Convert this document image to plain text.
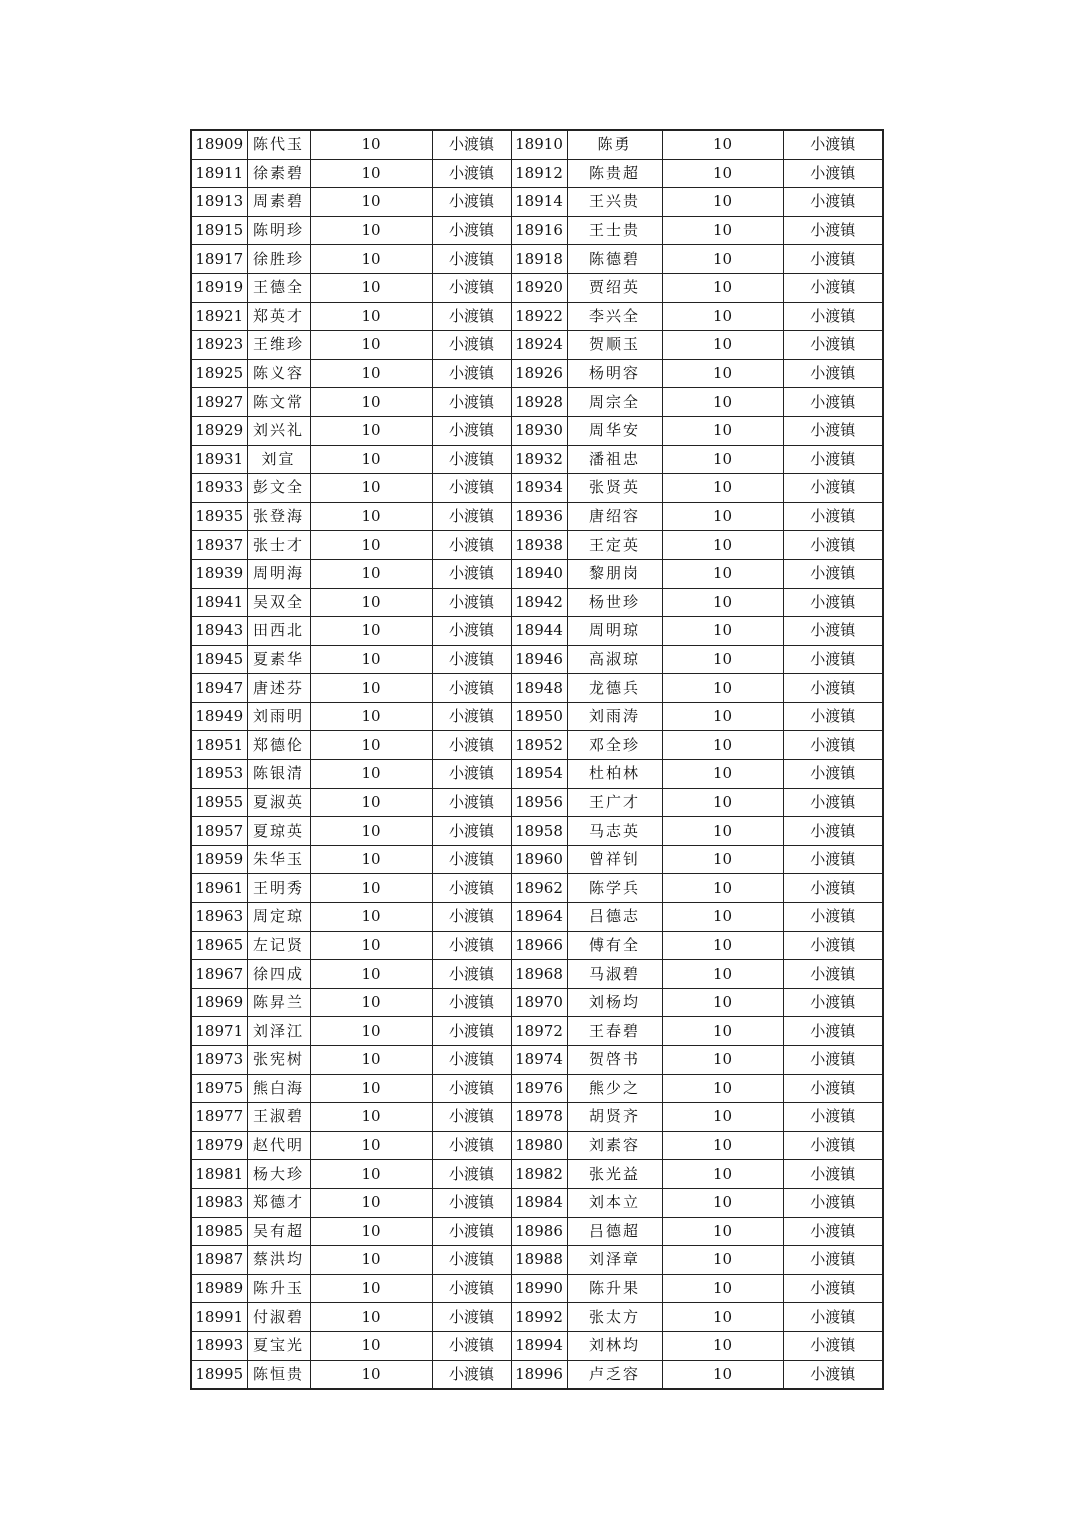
18909	陈代玉	10	小渡镇	18910	陈勇	10	小渡镇
18911	徐素碧	10	小渡镇	18912	陈贵超	10	小渡镇
18913	周素碧	10	小渡镇	18914	王兴贵	10	小渡镇
18915	陈明珍	10	小渡镇	18916	王士贵	10	小渡镇
18917	徐胜珍	10	小渡镇	18918	陈德碧	10	小渡镇
18919	王德全	10	小渡镇	18920	贾绍英	10	小渡镇
18921	郑英才	10	小渡镇	18922	李兴全	10	小渡镇
18923	王维珍	10	小渡镇	18924	贺顺玉	10	小渡镇
18925	陈义容	10	小渡镇	18926	杨明容	10	小渡镇
18927	陈文常	10	小渡镇	18928	周宗全	10	小渡镇
18929	刘兴礼	10	小渡镇	18930	周华安	10	小渡镇
18931	刘宣	10	小渡镇	18932	潘祖忠	10	小渡镇
18933	彭文全	10	小渡镇	18934	张贤英	10	小渡镇
18935	张登海	10	小渡镇	18936	唐绍容	10	小渡镇
18937	张士才	10	小渡镇	18938	王定英	10	小渡镇
18939	周明海	10	小渡镇	18940	黎朋岗	10	小渡镇
18941	吴双全	10	小渡镇	18942	杨世珍	10	小渡镇
18943	田西北	10	小渡镇	18944	周明琼	10	小渡镇
18945	夏素华	10	小渡镇	18946	高淑琼	10	小渡镇
18947	唐述芬	10	小渡镇	18948	龙德兵	10	小渡镇
18949	刘雨明	10	小渡镇	18950	刘雨涛	10	小渡镇
18951	郑德伦	10	小渡镇	18952	邓全珍	10	小渡镇
18953	陈银清	10	小渡镇	18954	杜柏林	10	小渡镇
18955	夏淑英	10	小渡镇	18956	王广才	10	小渡镇
18957	夏琼英	10	小渡镇	18958	马志英	10	小渡镇
18959	朱华玉	10	小渡镇	18960	曾祥钊	10	小渡镇
18961	王明秀	10	小渡镇	18962	陈学兵	10	小渡镇
18963	周定琼	10	小渡镇	18964	吕德志	10	小渡镇
18965	左记贤	10	小渡镇	18966	傅有全	10	小渡镇
18967	徐四成	10	小渡镇	18968	马淑碧	10	小渡镇
18969	陈昇兰	10	小渡镇	18970	刘杨均	10	小渡镇
18971	刘泽江	10	小渡镇	18972	王春碧	10	小渡镇
18973	张宪树	10	小渡镇	18974	贺啓书	10	小渡镇
18975	熊白海	10	小渡镇	18976	熊少之	10	小渡镇
18977	王淑碧	10	小渡镇	18978	胡贤齐	10	小渡镇
18979	赵代明	10	小渡镇	18980	刘素容	10	小渡镇
18981	杨大珍	10	小渡镇	18982	张光益	10	小渡镇
18983	郑德才	10	小渡镇	18984	刘本立	10	小渡镇
18985	吴有超	10	小渡镇	18986	吕德超	10	小渡镇
18987	蔡洪均	10	小渡镇	18988	刘泽章	10	小渡镇
18989	陈升玉	10	小渡镇	18990	陈升果	10	小渡镇
18991	付淑碧	10	小渡镇	18992	张太方	10	小渡镇
18993	夏宝光	10	小渡镇	18994	刘林均	10	小渡镇
18995	陈恒贵	10	小渡镇	18996	卢乏容	10	小渡镇
